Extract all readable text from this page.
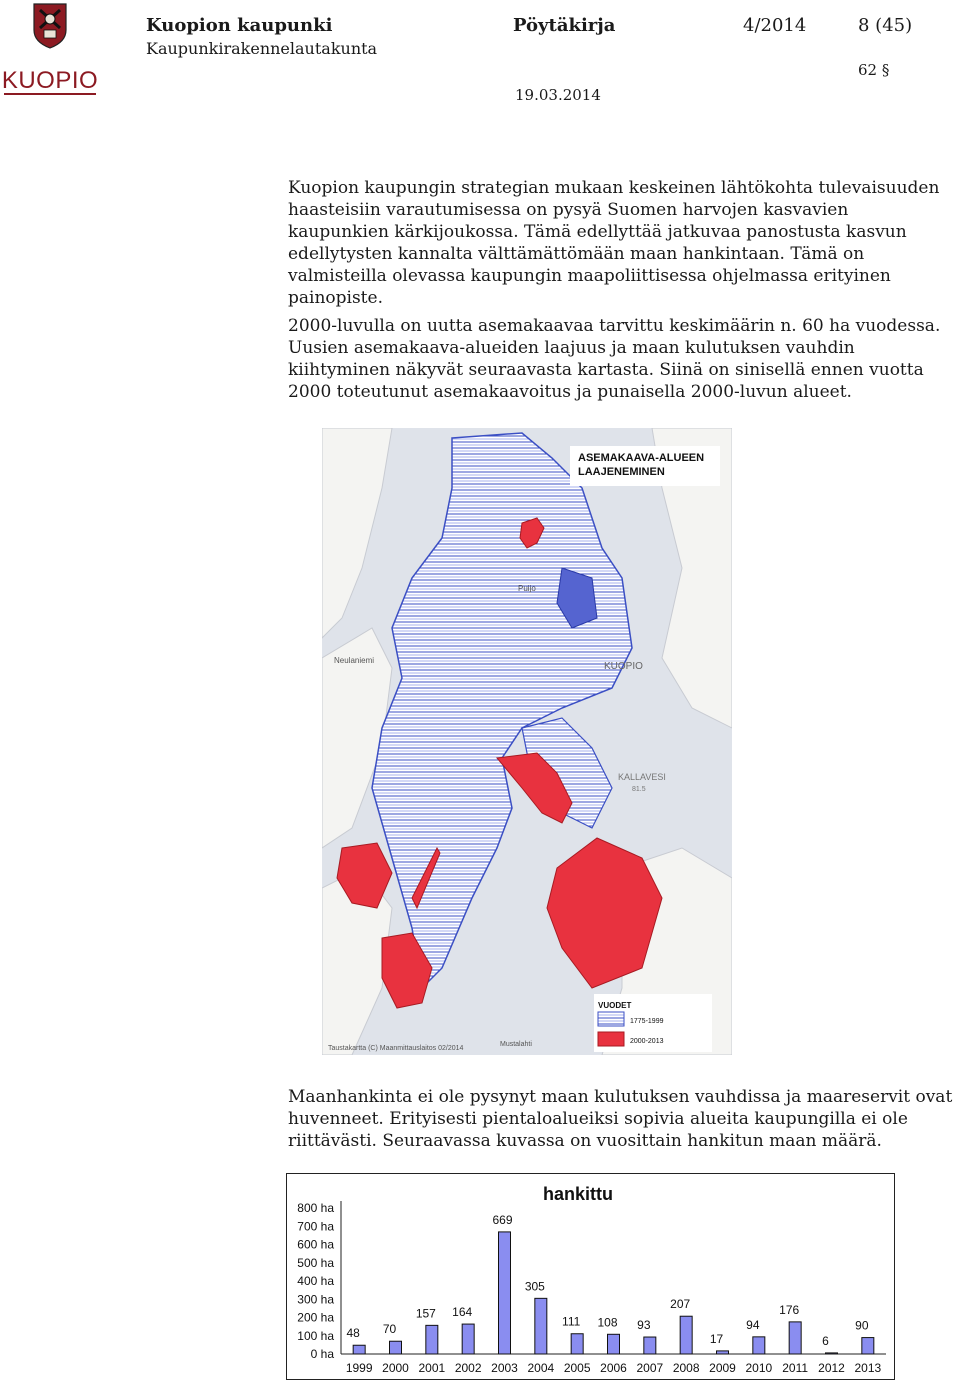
KUOPIO
Kuopion kaupunki
Kaupunkirakennelautakunta
Pöytäkirja	4/2014	8 (45)
62 §
19.03.2014
Kuopion kaupungin strategian mukaan keskeinen lähtökohta tulevaisuuden haasteisiin varautumisessa on pysyä Suomen harvojen kasvavien kaupunkien kärkijoukossa. Tämä edellyttää jatkuvaa panostusta kasvun edellytysten kannalta välttämättömään maan hankintaan. Tämä on valmisteilla olevassa kaupungin maapoliittisessa ohjelmassa erityinen painopiste.
2000-luvulla on uutta asemakaavaa tarvittu keskimäärin n. 60 ha vuodessa. Uusien asemakaava-alueiden laajuus ja maan kulutuksen vauhdin kiihtyminen näkyvät seuraavasta kartasta. Siinä on sinisellä ennen vuotta 2000 toteutunut asemakaavoitus ja punaisella 2000-luvun alueet.
ASEMAKAAVA-ALUEEN
LAAJENEMINEN
KUOPIO
KALLAVESI
81.5
Neulaniemi
Puijo
Mustalahti
VUODET
1775-1999
2000-2013
Taustakartta (C) Maanmittauslaitos 02/2014
Maanhankinta ei ole pysynyt maan kulutuksen vauhdissa ja maareservit ovat huvenneet. Erityisesti pientaloalueiksi sopivia alueita kaupungilla ei ole riittävästi. Seuraavassa kuvassa on vuosittain hankitun maan määrä.
hankittu
0 ha
100 ha
200 ha
300 ha
400 ha
500 ha
600 ha
700 ha
800 ha
48 70
157 164
669
305
111 108 93
207
17
94
176
6
90
1999 2000 2001 2002 2003 2004 2005 2006 2007 2008 2009 2010 2011 2012 2013
